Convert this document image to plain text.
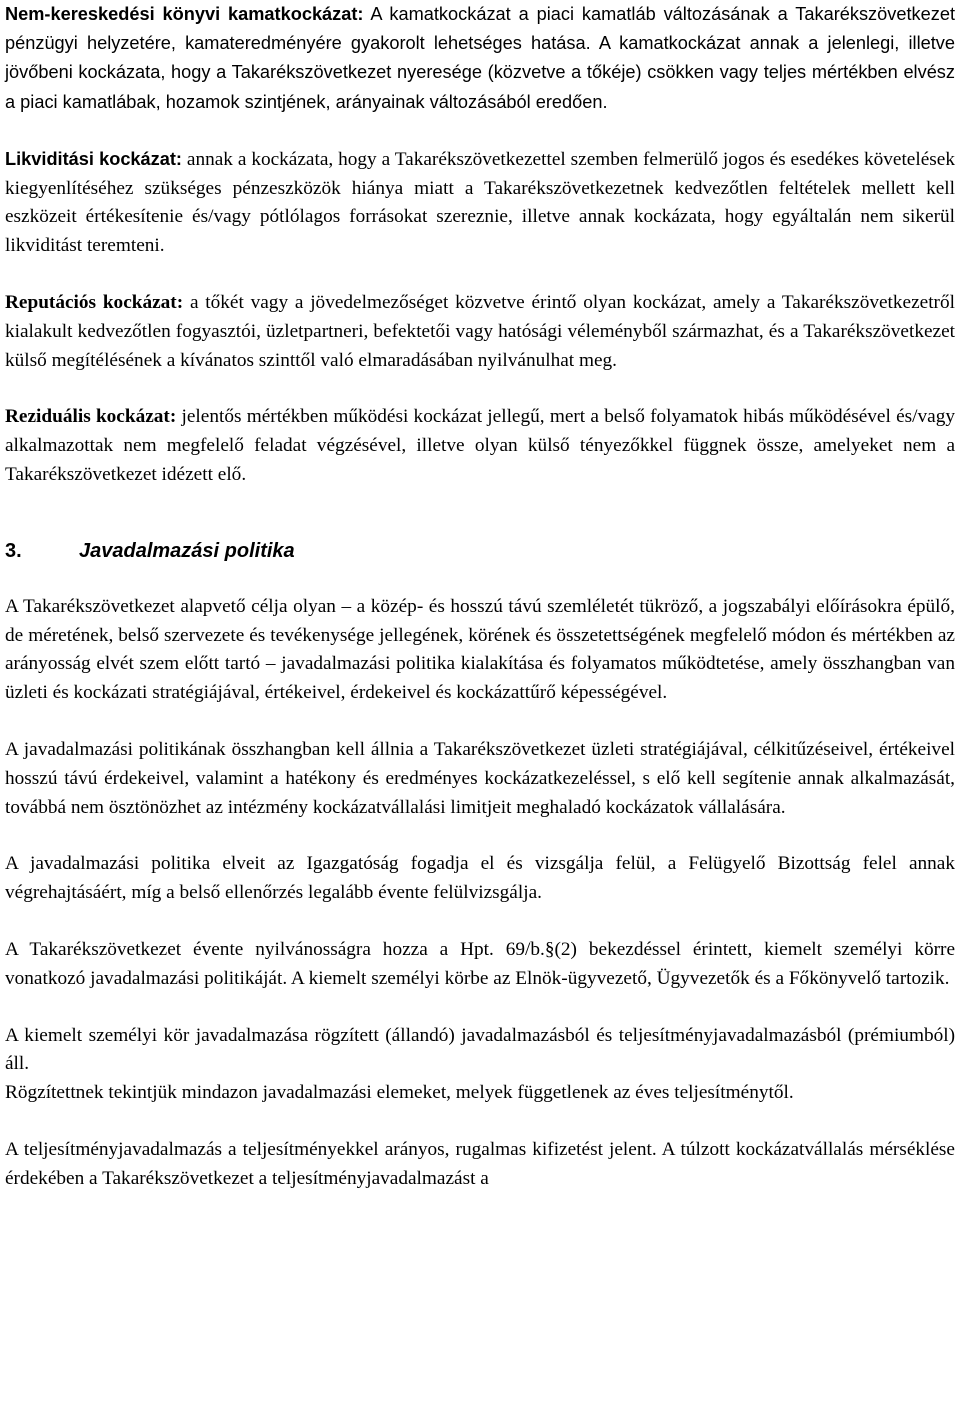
Nem-kereskedési könyvi kamatkockázat: A kamatkockázat a piaci kamatláb változásának a Takarékszövetkezet pénzügyi helyzetére, kamateredményére gyakorolt lehetséges hatása. A kamatkockázat annak a jelenlegi, illetve jövőbeni kockázata, hogy a Takarékszövetkezet nyeresége (közvetve a tőkéje) csökken vagy teljes mértékben elvész a piaci kamatlábak, hozamok szintjének, arányainak változásából eredően.

Likviditási kockázat: annak a kockázata, hogy a Takarékszövetkezettel szemben felmerülő jogos és esedékes követelések kiegyenlítéséhez szükséges pénzeszközök hiánya miatt a Takarékszövetkezetnek kedvezőtlen feltételek mellett kell eszközeit értékesítenie és/vagy pótlólagos forrásokat szereznie, illetve annak kockázata, hogy egyáltalán nem sikerül likviditást teremteni.

Reputációs kockázat: a tőkét vagy a jövedelmezőséget közvetve érintő olyan kockázat, amely a Takarékszövetkezetről kialakult kedvezőtlen fogyasztói, üzletpartneri, befektetői vagy hatósági véleményből származhat, és a Takarékszövetkezet külső megítélésének a kívánatos szinttől való elmaradásában nyilvánulhat meg.

Reziduális kockázat: jelentős mértékben működési kockázat jellegű, mert a belső folyamatok hibás működésével és/vagy alkalmazottak nem megfelelő feladat végzésével, illetve olyan külső tényezőkkel függnek össze, amelyeket nem a Takarékszövetkezet idézett elő.

3.	Javadalmazási politika

A Takarékszövetkezet alapvető célja olyan – a közép- és hosszú távú szemléletét tükröző, a jogszabályi előírásokra épülő, de méretének, belső szervezete és tevékenysége jellegének, körének és összetettségének megfelelő módon és mértékben az arányosság elvét szem előtt tartó – javadalmazási politika kialakítása és folyamatos működtetése, amely összhangban van üzleti és kockázati stratégiájával, értékeivel, érdekeivel és kockázattűrő képességével.

A javadalmazási politikának összhangban kell állnia a Takarékszövetkezet üzleti stratégiájával, célkitűzéseivel, értékeivel hosszú távú érdekeivel, valamint a hatékony és eredményes kockázatkezeléssel, s elő kell segítenie annak alkalmazását, továbbá nem ösztönözhet az intézmény kockázatvállalási limitjeit meghaladó kockázatok vállalására.

A javadalmazási politika elveit az Igazgatóság fogadja el és vizsgálja felül, a Felügyelő Bizottság felel annak végrehajtásáért, míg a belső ellenőrzés legalább évente felülvizsgálja.

A Takarékszövetkezet évente nyilvánosságra hozza a Hpt. 69/b.§(2) bekezdéssel érintett, kiemelt személyi körre vonatkozó javadalmazási politikáját. A kiemelt személyi körbe az Elnök-ügyvezető, Ügyvezetők és a Főkönyvelő tartozik.

A kiemelt személyi kör javadalmazása rögzített (állandó) javadalmazásból és teljesítményjavadalmazásból (prémiumból) áll.

Rögzítettnek tekintjük mindazon javadalmazási elemeket, melyek függetlenek az éves teljesítménytől.

A teljesítményjavadalmazás a teljesítményekkel arányos, rugalmas kifizetést jelent. A túlzott kockázatvállalás mérséklése érdekében a Takarékszövetkezet a teljesítményjavadalmazást a
